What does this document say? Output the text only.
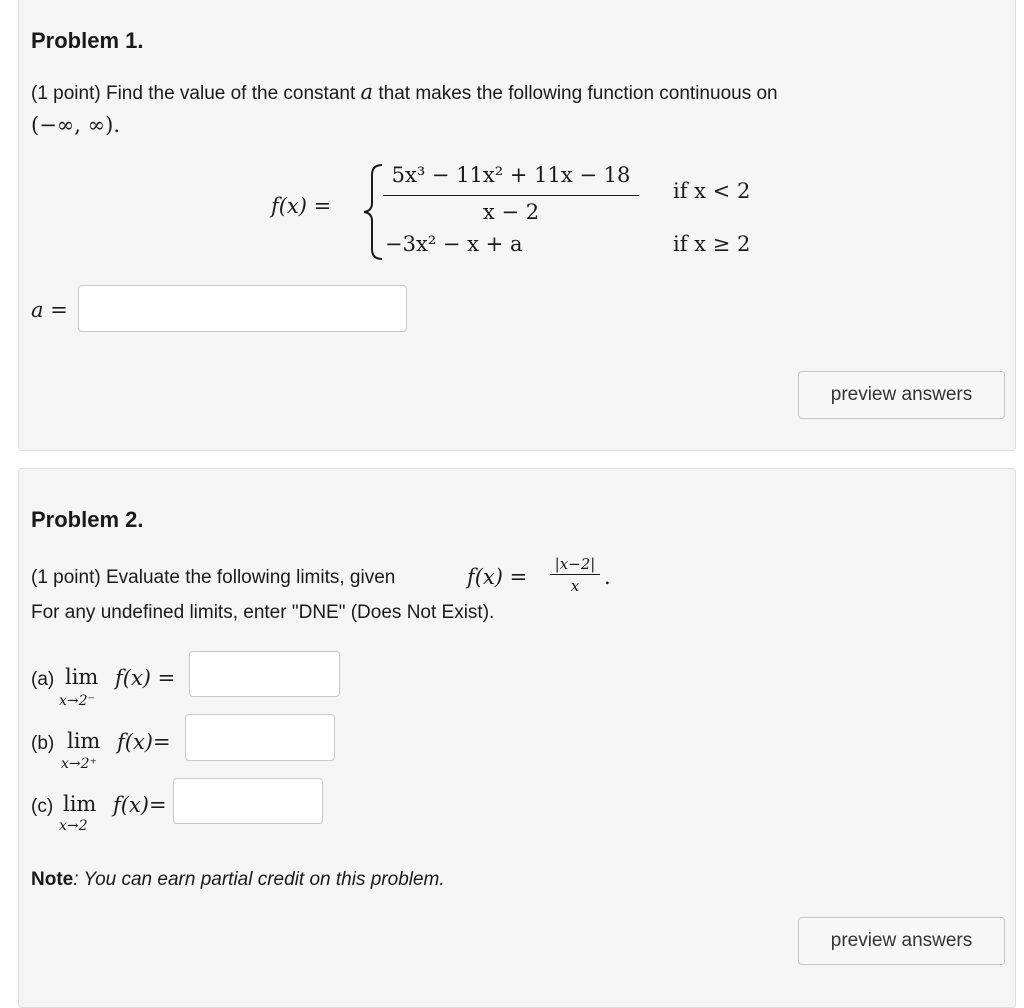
Problem 1.
(1 point) Find the value of the constant a that makes the following function continuous on
(−∞, ∞).
f(x) =
5x³ − 11x² + 11x − 18
x − 2
−3x² − x + a
if x < 2
if x ≥ 2
a =
preview answers
Problem 2.
(1 point) Evaluate the following limits, given	f(x) =
|x−2|
x	.
For any undefined limits, enter "DNE" (Does Not Exist).
(a) lim
x→2⁻
f(x) =
(b) lim
x→2⁺
f(x)=
(c) lim
x→2
f(x)=
Note: You can earn partial credit on this problem.
preview answers
